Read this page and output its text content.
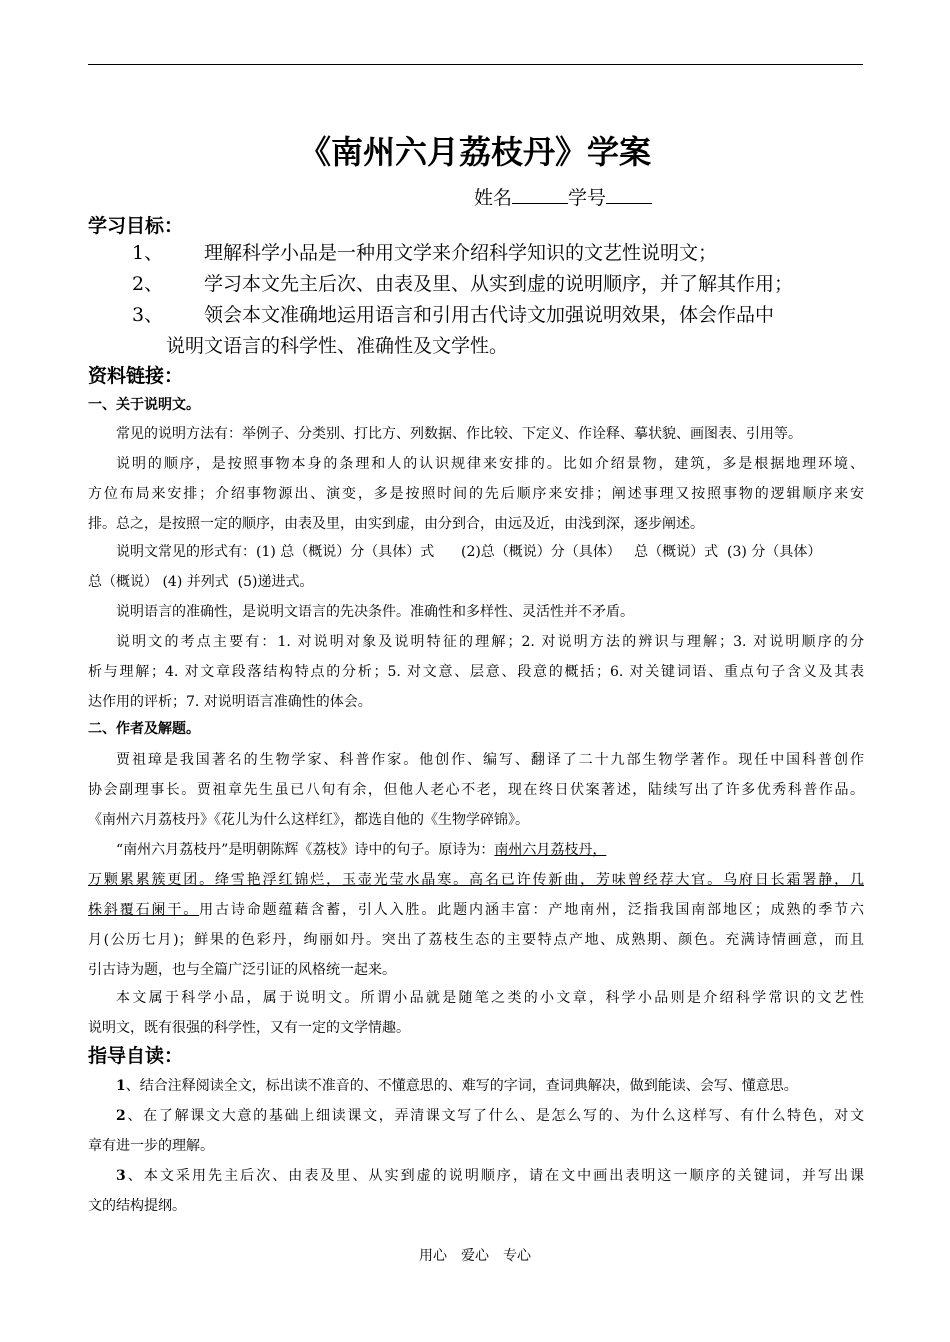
《南州六月荔枝丹》学案
姓名	学号
学习目标：
1、 理解科学小品是一种用文学来介绍科学知识的文艺性说明文；
2、 学习本文先主后次、由表及里、从实到虚的说明顺序，并了解其作用；
3、 领会本文准确地运用语言和引用古代诗文加强说明效果，体会作品中
说明文语言的科学性、准确性及文学性。
资料链接：
一、关于说明文。
常见的说明方法有：举例子、分类别、打比方、列数据、作比较、下定义、作诠释、摹状貌、画图表、引用等。
说明的顺序，是按照事物本身的条理和人的认识规律来安排的。比如介绍景物，建筑，多是根据地理环境、
方位布局来安排；介绍事物源出、演变，多是按照时间的先后顺序来安排；阐述事理又按照事物的逻辑顺序来安
排。总之，是按照一定的顺序，由表及里，由实到虚，由分到合，由远及近，由浅到深，逐步阐述。
说明文常见的形式有：(1) 总（概说）分（具体）式      (2)总（概说）分（具体）   总（概说）式  (3) 分（具体）
总（概说） (4) 并列式  (5)递进式。
说明语言的准确性，是说明文语言的先决条件。准确性和多样性、灵活性并不矛盾。
说明文的考点主要有：1. 对说明对象及说明特征的理解；2. 对说明方法的辨识与理解；3. 对说明顺序的分
析与理解；4. 对文章段落结构特点的分析；5. 对文意、层意、段意的概括；6. 对关键词语、重点句子含义及其表
达作用的评析；7. 对说明语言准确性的体会。
二、作者及解题。
贾祖璋是我国著名的生物学家、科普作家。他创作、编写、翻译了二十九部生物学著作。现任中国科普创作
协会副理事长。贾祖章先生虽已八旬有余，但他人老心不老，现在终日伏案著述，陆续写出了许多优秀科普作品。
《南州六月荔枝丹》《花儿为什么这样红》，都选自他的《生物学碎锦》。
“南州六月荔枝丹”是明朝陈辉《荔枝》诗中的句子。原诗为：南州六月荔枝丹，
万颗累累簇更团。绛雪艳浮红锦烂，玉壶光莹水晶寒。高名已许传新曲，芳味曾经荐大官。乌府日长霜署静，几
株斜覆石阑干。用古诗命题蕴藉含蓄，引人入胜。此题内涵丰富：产地南州，泛指我国南部地区；成熟的季节六
月(公历七月)；鲜果的色彩丹，绚丽如丹。突出了荔枝生态的主要特点产地、成熟期、颜色。充满诗情画意，而且
引古诗为题，也与全篇广泛引证的风格统一起来。
本文属于科学小品，属于说明文。所谓小品就是随笔之类的小文章，科学小品则是介绍科学常识的文艺性
说明文，既有很强的科学性，又有一定的文学情趣。
指导自读：
1、结合注释阅读全文，标出读不准音的、不懂意思的、难写的字词，查词典解决，做到能读、会写、懂意思。
2、在了解课文大意的基础上细读课文，弄清课文写了什么、是怎么写的、为什么这样写、有什么特色，对文
章有进一步的理解。
3、本文采用先主后次、由表及里、从实到虚的说明顺序，请在文中画出表明这一顺序的关键词，并写出课
文的结构提纲。
用心 爱心 专心
